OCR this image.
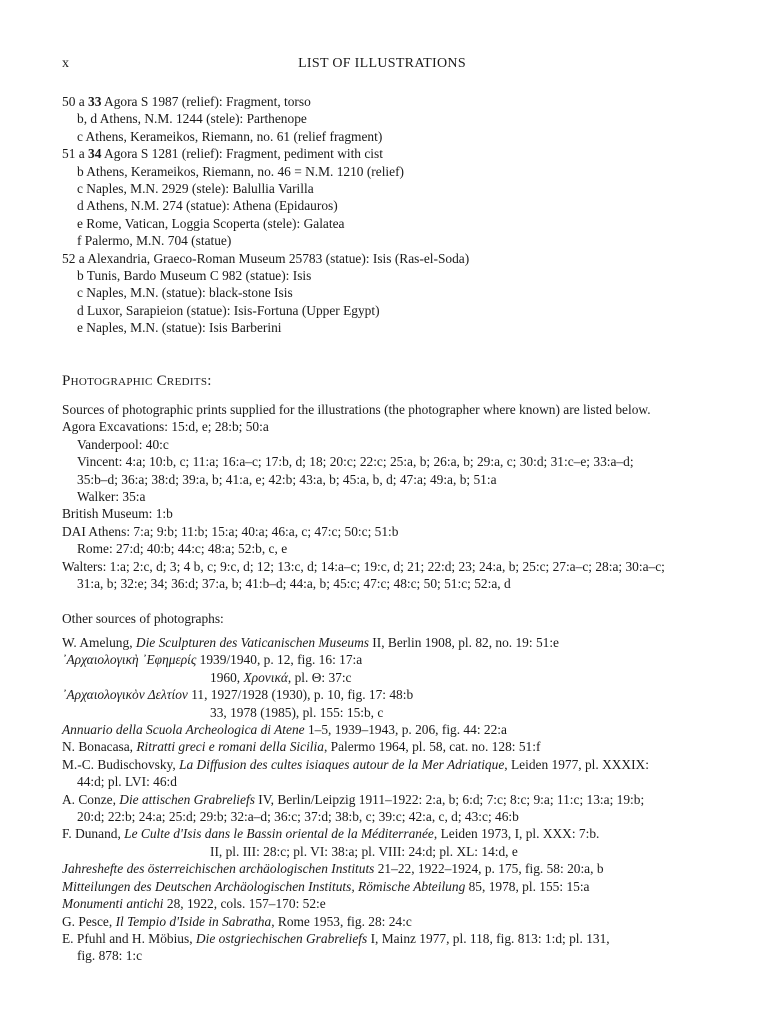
x	LIST OF ILLUSTRATIONS
50 a 33 Agora S 1987 (relief): Fragment, torso
b, d Athens, N.M. 1244 (stele): Parthenope
c Athens, Kerameikos, Riemann, no. 61 (relief fragment)
51 a 34 Agora S 1281 (relief): Fragment, pediment with cist
b Athens, Kerameikos, Riemann, no. 46 = N.M. 1210 (relief)
c Naples, M.N. 2929 (stele): Balullia Varilla
d Athens, N.M. 274 (statue): Athena (Epidauros)
e Rome, Vatican, Loggia Scoperta (stele): Galatea
f Palermo, M.N. 704 (statue)
52 a Alexandria, Graeco-Roman Museum 25783 (statue): Isis (Ras-el-Soda)
b Tunis, Bardo Museum C 982 (statue): Isis
c Naples, M.N. (statue): black-stone Isis
d Luxor, Sarapieion (statue): Isis-Fortuna (Upper Egypt)
e Naples, M.N. (statue): Isis Barberini
Photographic Credits:
Sources of photographic prints supplied for the illustrations (the photographer where known) are listed below.
Agora Excavations: 15:d, e; 28:b; 50:a
Vanderpool: 40:c
Vincent: 4:a; 10:b, c; 11:a; 16:a–c; 17:b, d; 18; 20:c; 22:c; 25:a, b; 26:a, b; 29:a, c; 30:d; 31:c–e; 33:a–d;
35:b–d; 36:a; 38:d; 39:a, b; 41:a, e; 42:b; 43:a, b; 45:a, b, d; 47:a; 49:a, b; 51:a
Walker: 35:a
British Museum: 1:b
DAI Athens: 7:a; 9:b; 11:b; 15:a; 40:a; 46:a, c; 47:c; 50:c; 51:b
Rome: 27:d; 40:b; 44:c; 48:a; 52:b, c, e
Walters: 1:a; 2:c, d; 3; 4 b, c; 9:c, d; 12; 13:c, d; 14:a–c; 19:c, d; 21; 22:d; 23; 24:a, b; 25:c; 27:a–c; 28:a; 30:a–c;
31:a, b; 32:e; 34; 36:d; 37:a, b; 41:b–d; 44:a, b; 45:c; 47:c; 48:c; 50; 51:c; 52:a, d
Other sources of photographs:
W. Amelung, Die Sculpturen des Vaticanischen Museums II, Berlin 1908, pl. 82, no. 19: 51:e
᾿Αρχαιολογικὴ ᾿Εφημερίς 1939/1940, p. 12, fig. 16: 17:a
1960, Χρονικά, pl. Θ: 37:c
᾿Αρχαιολογικὸν Δελτίον 11, 1927/1928 (1930), p. 10, fig. 17: 48:b
33, 1978 (1985), pl. 155: 15:b, c
Annuario della Scuola Archeologica di Atene 1–5, 1939–1943, p. 206, fig. 44: 22:a
N. Bonacasa, Ritratti greci e romani della Sicilia, Palermo 1964, pl. 58, cat. no. 128: 51:f
M.-C. Budischovsky, La Diffusion des cultes isiaques autour de la Mer Adriatique, Leiden 1977, pl. XXXIX:
44:d; pl. LVI: 46:d
A. Conze, Die attischen Grabreliefs IV, Berlin/Leipzig 1911–1922: 2:a, b; 6:d; 7:c; 8:c; 9:a; 11:c; 13:a; 19:b;
20:d; 22:b; 24:a; 25:d; 29:b; 32:a–d; 36:c; 37:d; 38:b, c; 39:c; 42:a, c, d; 43:c; 46:b
F. Dunand, Le Culte d'Isis dans le Bassin oriental de la Méditerranée, Leiden 1973, I, pl. XXX: 7:b.
II, pl. III: 28:c; pl. VI: 38:a; pl. VIII: 24:d; pl. XL: 14:d, e
Jahreshefte des österreichischen archäologischen Instituts 21–22, 1922–1924, p. 175, fig. 58: 20:a, b
Mitteilungen des Deutschen Archäologischen Instituts, Römische Abteilung 85, 1978, pl. 155: 15:a
Monumenti antichi 28, 1922, cols. 157–170: 52:e
G. Pesce, Il Tempio d'Iside in Sabratha, Rome 1953, fig. 28: 24:c
E. Pfuhl and H. Möbius, Die ostgriechischen Grabreliefs I, Mainz 1977, pl. 118, fig. 813: 1:d; pl. 131,
fig. 878: 1:c
